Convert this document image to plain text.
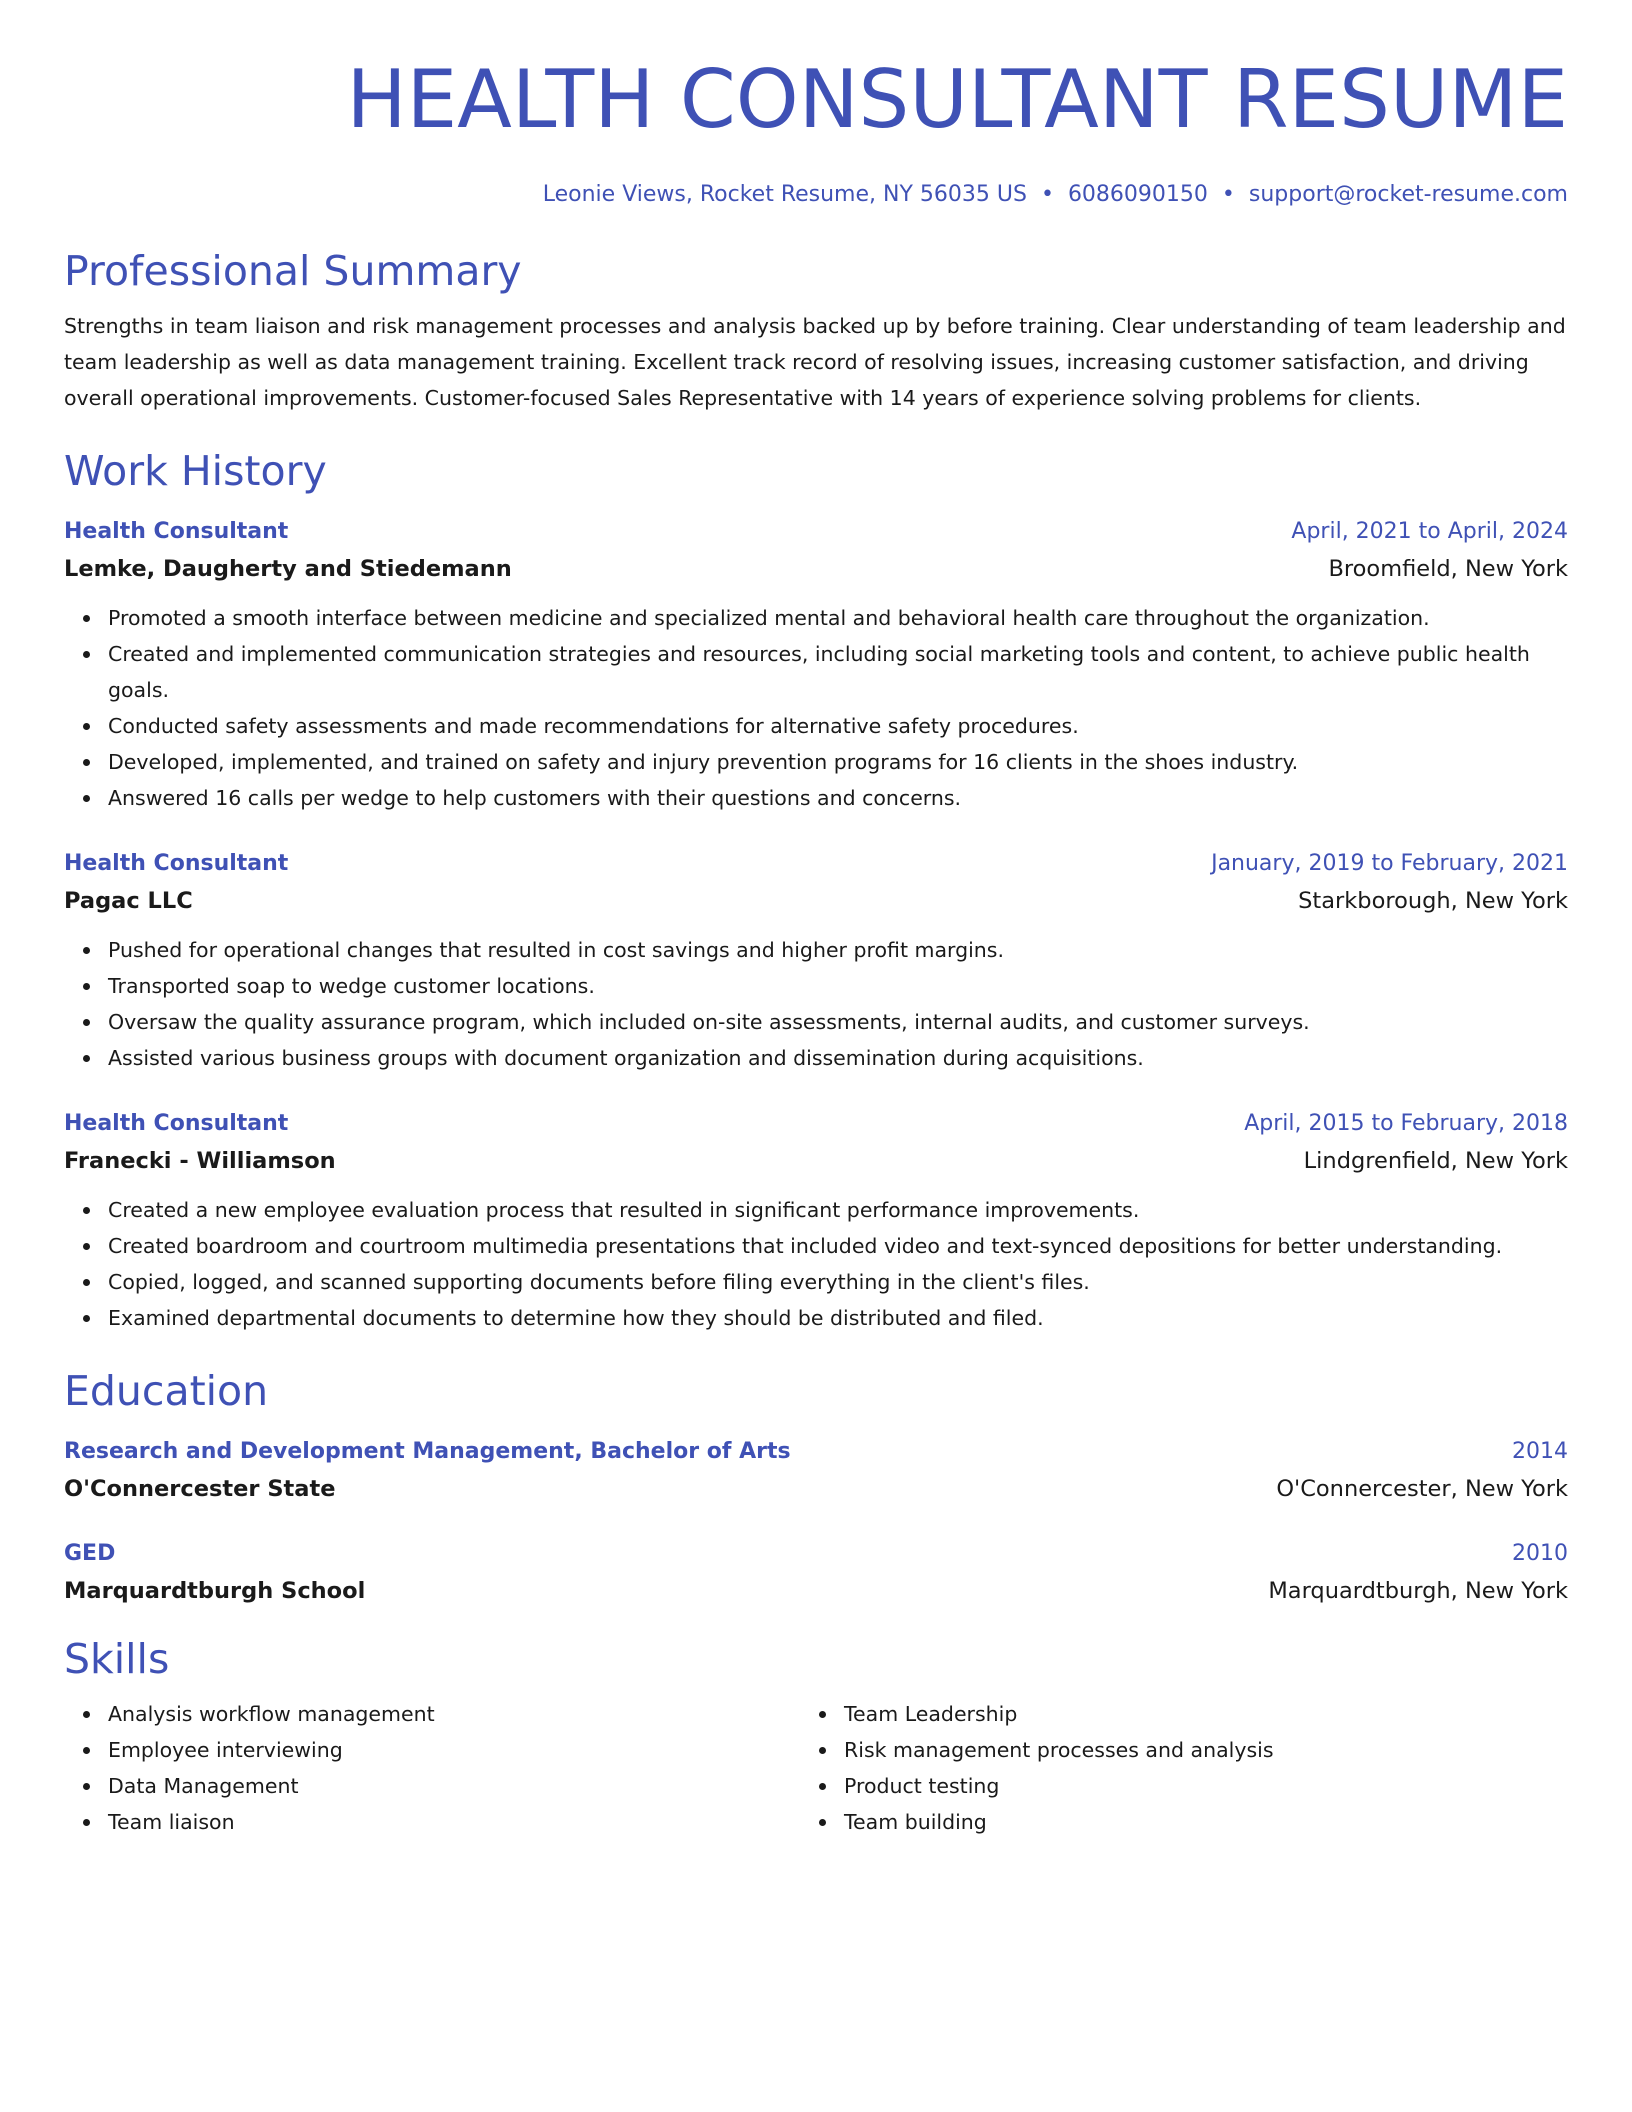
HEALTH CONSULTANT RESUME
Leonie Views, Rocket Resume, NY 56035 US • 6086090150 • support@rocket-resume.com
Professional Summary
Strengths in team liaison and risk management processes and analysis backed up by before training. Clear understanding of team leadership and team leadership as well as data management training. Excellent track record of resolving issues, increasing customer satisfaction, and driving overall operational improvements. Customer-focused Sales Representative with 14 years of experience solving problems for clients.
Work History
Health Consultant	April, 2021 to April, 2024
Lemke, Daugherty and Stiedemann	Broomfield, New York
Promoted a smooth interface between medicine and specialized mental and behavioral health care throughout the organization.
Created and implemented communication strategies and resources, including social marketing tools and content, to achieve public health goals.
Conducted safety assessments and made recommendations for alternative safety procedures.
Developed, implemented, and trained on safety and injury prevention programs for 16 clients in the shoes industry.
Answered 16 calls per wedge to help customers with their questions and concerns.
Health Consultant	January, 2019 to February, 2021
Pagac LLC	Starkborough, New York
Pushed for operational changes that resulted in cost savings and higher profit margins.
Transported soap to wedge customer locations.
Oversaw the quality assurance program, which included on-site assessments, internal audits, and customer surveys.
Assisted various business groups with document organization and dissemination during acquisitions.
Health Consultant	April, 2015 to February, 2018
Franecki - Williamson	Lindgrenfield, New York
Created a new employee evaluation process that resulted in significant performance improvements.
Created boardroom and courtroom multimedia presentations that included video and text-synced depositions for better understanding.
Copied, logged, and scanned supporting documents before filing everything in the client's files.
Examined departmental documents to determine how they should be distributed and filed.
Education
Research and Development Management, Bachelor of Arts	2014
O'Connercester State	O'Connercester, New York
GED	2010
Marquardtburgh School	Marquardtburgh, New York
Skills
Analysis workflow management
Employee interviewing
Data Management
Team liaison
Team Leadership
Risk management processes and analysis
Product testing
Team building
